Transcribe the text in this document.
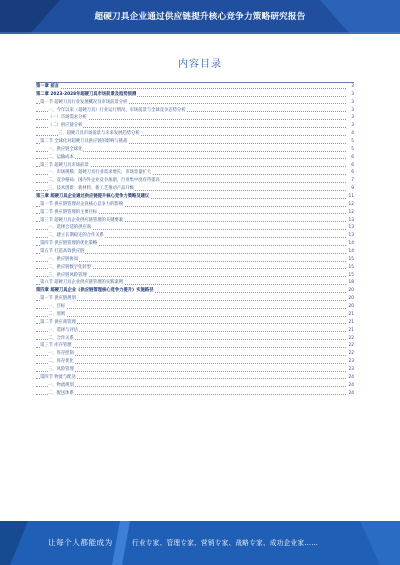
超硬刀具企业通过供应链提升核心竞争力策略研究报告
内容目录
第一章 前言	3
第二章 2023-2028年超硬刀具市场前景及趋势预测	3
第一节 超硬刀具行业发展概况及市场前景分析	3
一、今年以来（超硬刀具）行业运行情况、市场前景与全球竞争态势分析	3
（一）市场需求分析	3
（二）供应链分析	3
三、超硬刀具市场前景与未来发展趋势分析	4
第二节 全球化对超硬刀具供应链的影响与挑战	5
一、供应链全球化	5
二、运输成本	6
第三节 超硬刀具市场前景	6
一、市场规模：超硬刀具行业需求增长，市场容量扩大	6
二、竞争格局：国内外企业竞争加剧，行业集中度有待提高	7
三、技术创新：新材料、新工艺推动产品升级	9
第三章 超硬刀具企业通过供应链提升核心竞争力策略及建议	11
第一节 供应链管理对企业核心竞争力的影响	12
第二节 供应链管理的主要目标	12
第三节 超硬刀具企业供应链管理的关键要素	13
一、选择合适的供应商	13
二、建立长期稳定的合作关系	13
第四节 供应链管理的优化策略	14
第五节 打造高效供应链	14
一、供应链协同	15
二、供应链数字化转型	15
三、供应链风险管理	15
第六节 超硬刀具企业供应链管理的实践案例	18
第四章 超硬刀具企业《供应链管理核心竞争力提升》实施路径	20
第一节 供应链规划	20
一、目标	20
二、原则	21
第二节 供应商管理	21
一、选择与评估	21
二、合作关系	22
第三节 库存管理	22
一、库存控制	22
二、库存优化	23
三、风险管理	23
第四节 物流与配送	24
一、物流规划	24
二、配送体系	24
让每个人都能成为	行业专家、管理专家、营销专家、战略专家、成功企业家……
